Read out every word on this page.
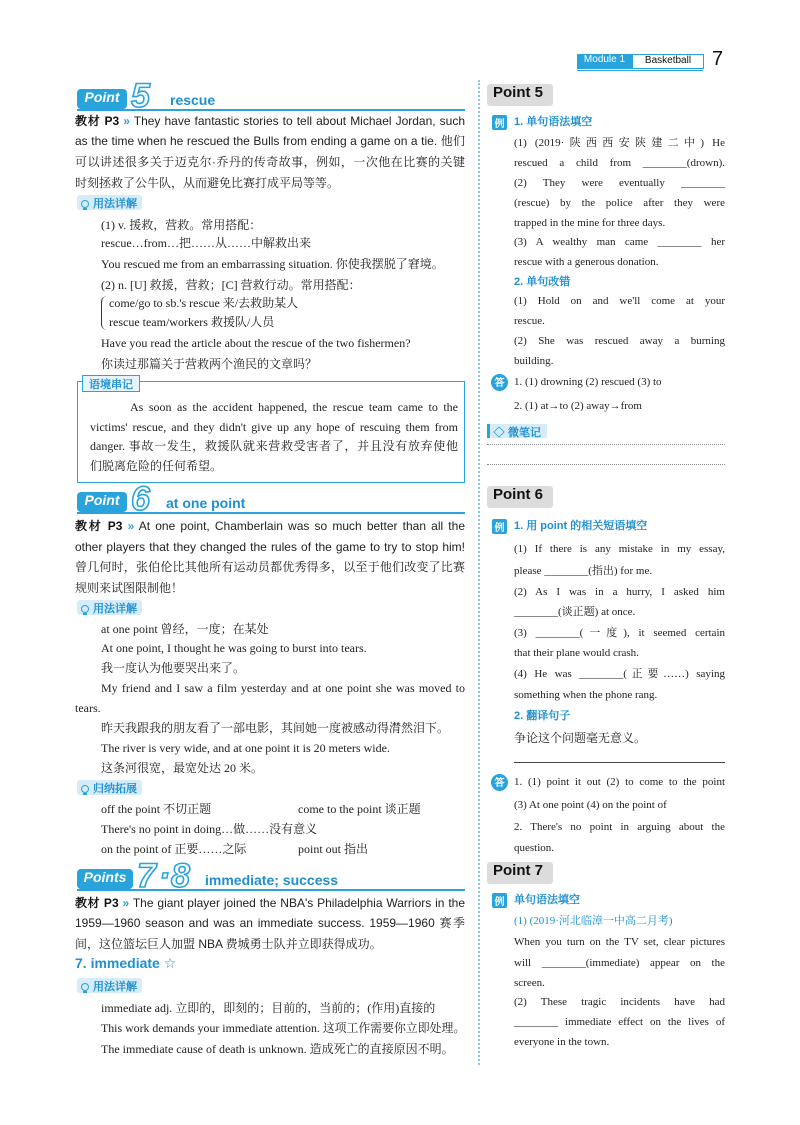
Module 1	Basketball	7
Point 5 rescue
教材 P3 » They have fantastic stories to tell about Michael Jordan, such
as the time when he rescued the Bulls from ending a game on a tie. 他们
可以讲述很多关于迈克尔·乔丹的传奇故事，例如，一次他在比赛的关键
时刻拯救了公牛队，从而避免比赛打成平局等等。
用法详解
(1) v. 援救，营救。常用搭配：
rescue…from…把……从……中解救出来
You rescued me from an embarrassing situation. 你使我摆脱了窘境。
(2) n. [U] 救援，营救；[C] 营救行动。常用搭配：
come/go to sb.'s rescue 来/去救助某人
rescue team/workers 救援队/人员
Have you read the article about the rescue of the two fishermen?
你读过那篇关于营救两个渔民的文章吗？
语境串记
As soon as the accident happened, the rescue team came to the
victims' rescue, and they didn't give up any hope of rescuing them from
danger. 事故一发生，救援队就来营救受害者了，并且没有放弃使他
们脱离危险的任何希望。
Point 6 at one point
教材 P3 » At one point, Chamberlain was so much better than all the
other players that they changed the rules of the game to try to stop him!
曾几何时，张伯伦比其他所有运动员都优秀得多，以至于他们改变了比赛
规则来试图限制他！
用法详解
at one point 曾经，一度；在某处
At one point, I thought he was going to burst into tears.
我一度认为他要哭出来了。
My friend and I saw a film yesterday and at one point she was moved to
tears.
昨天我跟我的朋友看了一部电影，其间她一度被感动得潸然泪下。
The river is very wide, and at one point it is 20 meters wide.
这条河很宽，最宽处达 20 米。
归纳拓展
off the point 不切正题	come to the point 谈正题
There's no point in doing…做……没有意义
on the point of 正要……之际	point out 指出
Points 7 · 8 immediate; success
教材 P3 » The giant player joined the NBA's Philadelphia Warriors in the
1959—1960 season and was an immediate success. 1959—1960 赛季
间，这位篮坛巨人加盟 NBA 费城勇士队并立即获得成功。
7. immediate ☆
用法详解
immediate adj. 立即的，即刻的；目前的，当前的；(作用)直接的
This work demands your immediate attention. 这项工作需要你立即处理。
The immediate cause of death is unknown. 造成死亡的直接原因不明。
Point 5
例 1. 单句语法填空
(1) (2019·陕西西安陕建二中) He
rescued a child from ________(drown).
(2) They were eventually ________
(rescue) by the police after they were
trapped in the mine for three days.
(3) A wealthy man came ________ her
rescue with a generous donation.
2. 单句改错
(1) Hold on and we'll come at your
rescue.
(2) She was rescued away a burning
building.
答 1. (1) drowning (2) rescued (3) to
2. (1) at→to (2) away→from
微笔记
Point 6
例 1. 用 point 的相关短语填空
(1) If there is any mistake in my essay,
please ________(指出) for me.
(2) As I was in a hurry, I asked him
________(谈正题) at once.
(3) ________(一度), it seemed certain
that their plane would crash.
(4) He was ________(正要……) saying
something when the phone rang.
2. 翻译句子
争论这个问题毫无意义。
答 1. (1) point it out (2) to come to the point
(3) At one point (4) on the point of
2. There's no point in arguing about the
question.
Point 7
例 单句语法填空
(1) (2019·河北临漳一中高二月考)
When you turn on the TV set, clear pictures
will ________(immediate) appear on the
screen.
(2) These tragic incidents have had
________ immediate effect on the lives of
everyone in the town.
